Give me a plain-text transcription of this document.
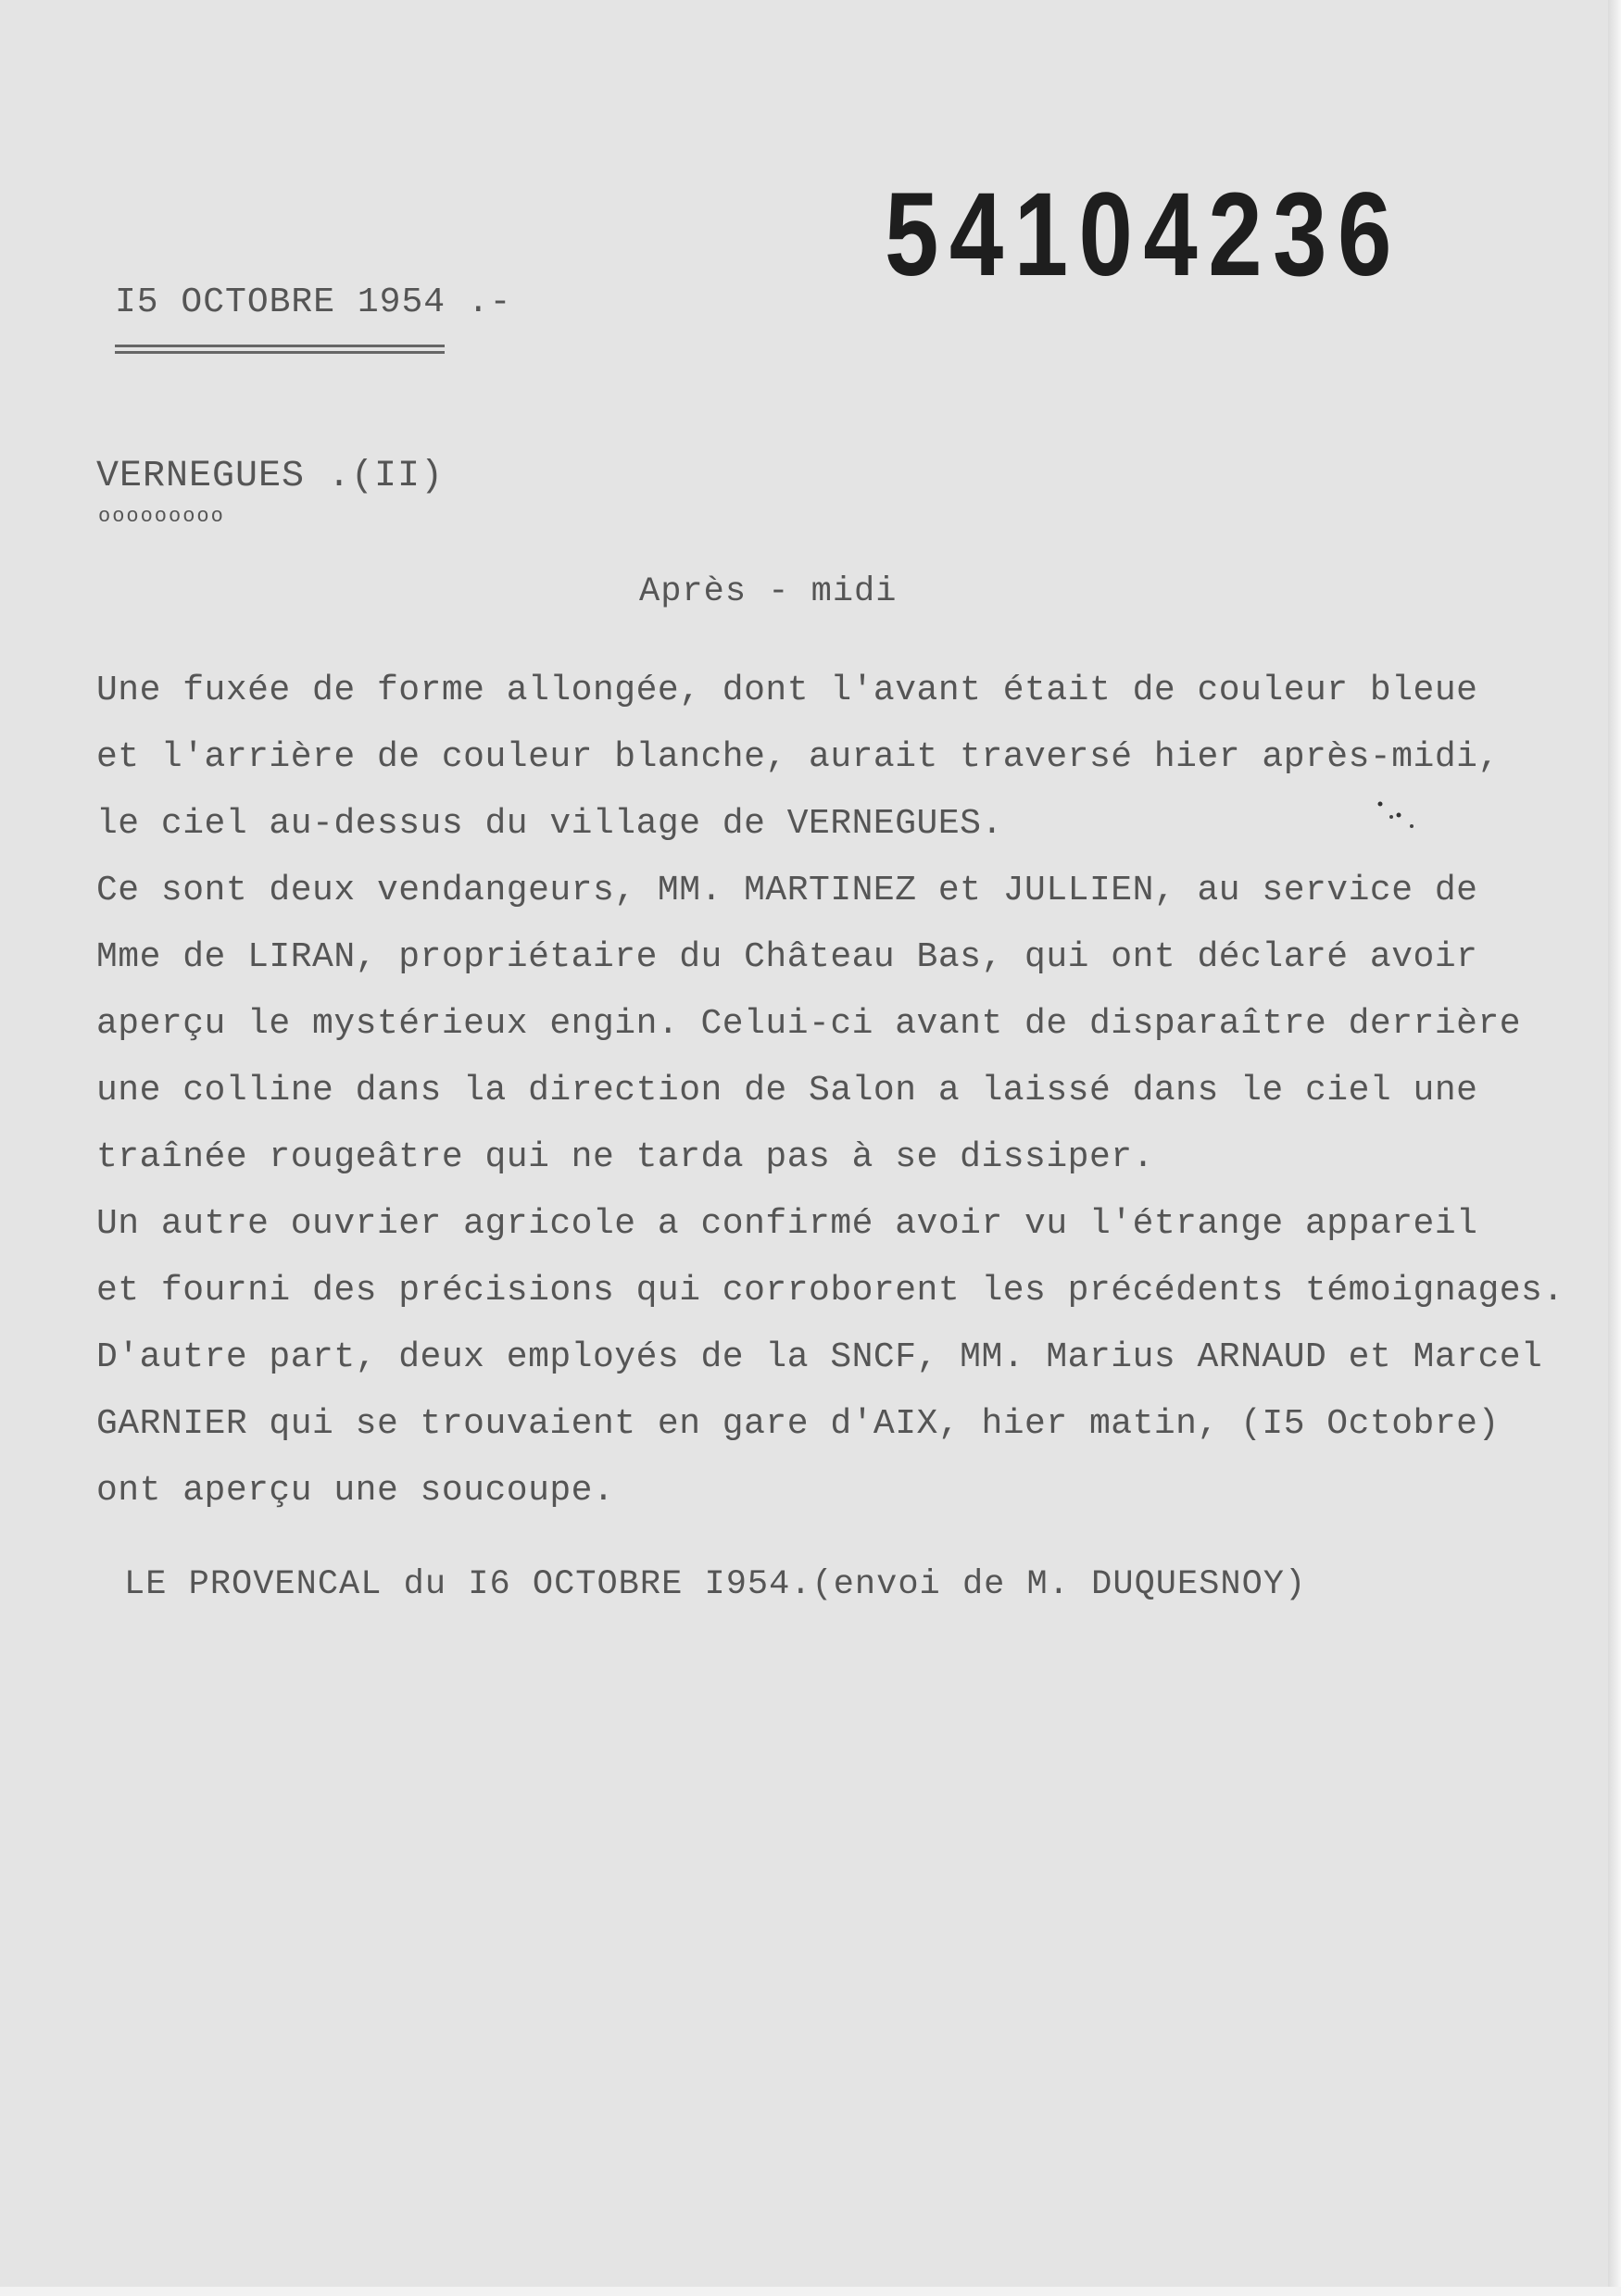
54104236
I5 OCTOBRE 1954 .-
VERNEGUES .(II)
ooooooooo
Après - midi
Une fuxée de forme allongée, dont l'avant était de couleur bleue
et l'arrière de couleur blanche, aurait traversé hier après-midi,
le ciel au-dessus du village de VERNEGUES.
Ce sont deux vendangeurs, MM. MARTINEZ et JULLIEN, au service de
Mme de LIRAN, propriétaire du Château Bas, qui ont déclaré avoir
aperçu le mystérieux engin. Celui-ci avant de disparaître derrière
une colline dans la direction de Salon a laissé dans le ciel une
traînée rougeâtre qui ne tarda pas à se dissiper.
Un autre ouvrier agricole a confirmé avoir vu l'étrange appareil
et fourni des précisions qui corroborent les précédents témoignages.
D'autre part, deux employés de la SNCF, MM. Marius ARNAUD et Marcel
GARNIER qui se trouvaient en gare d'AIX, hier matin, (I5 Octobre)
ont aperçu une soucoupe.
LE PROVENCAL du I6 OCTOBRE I954.(envoi de M. DUQUESNOY)
